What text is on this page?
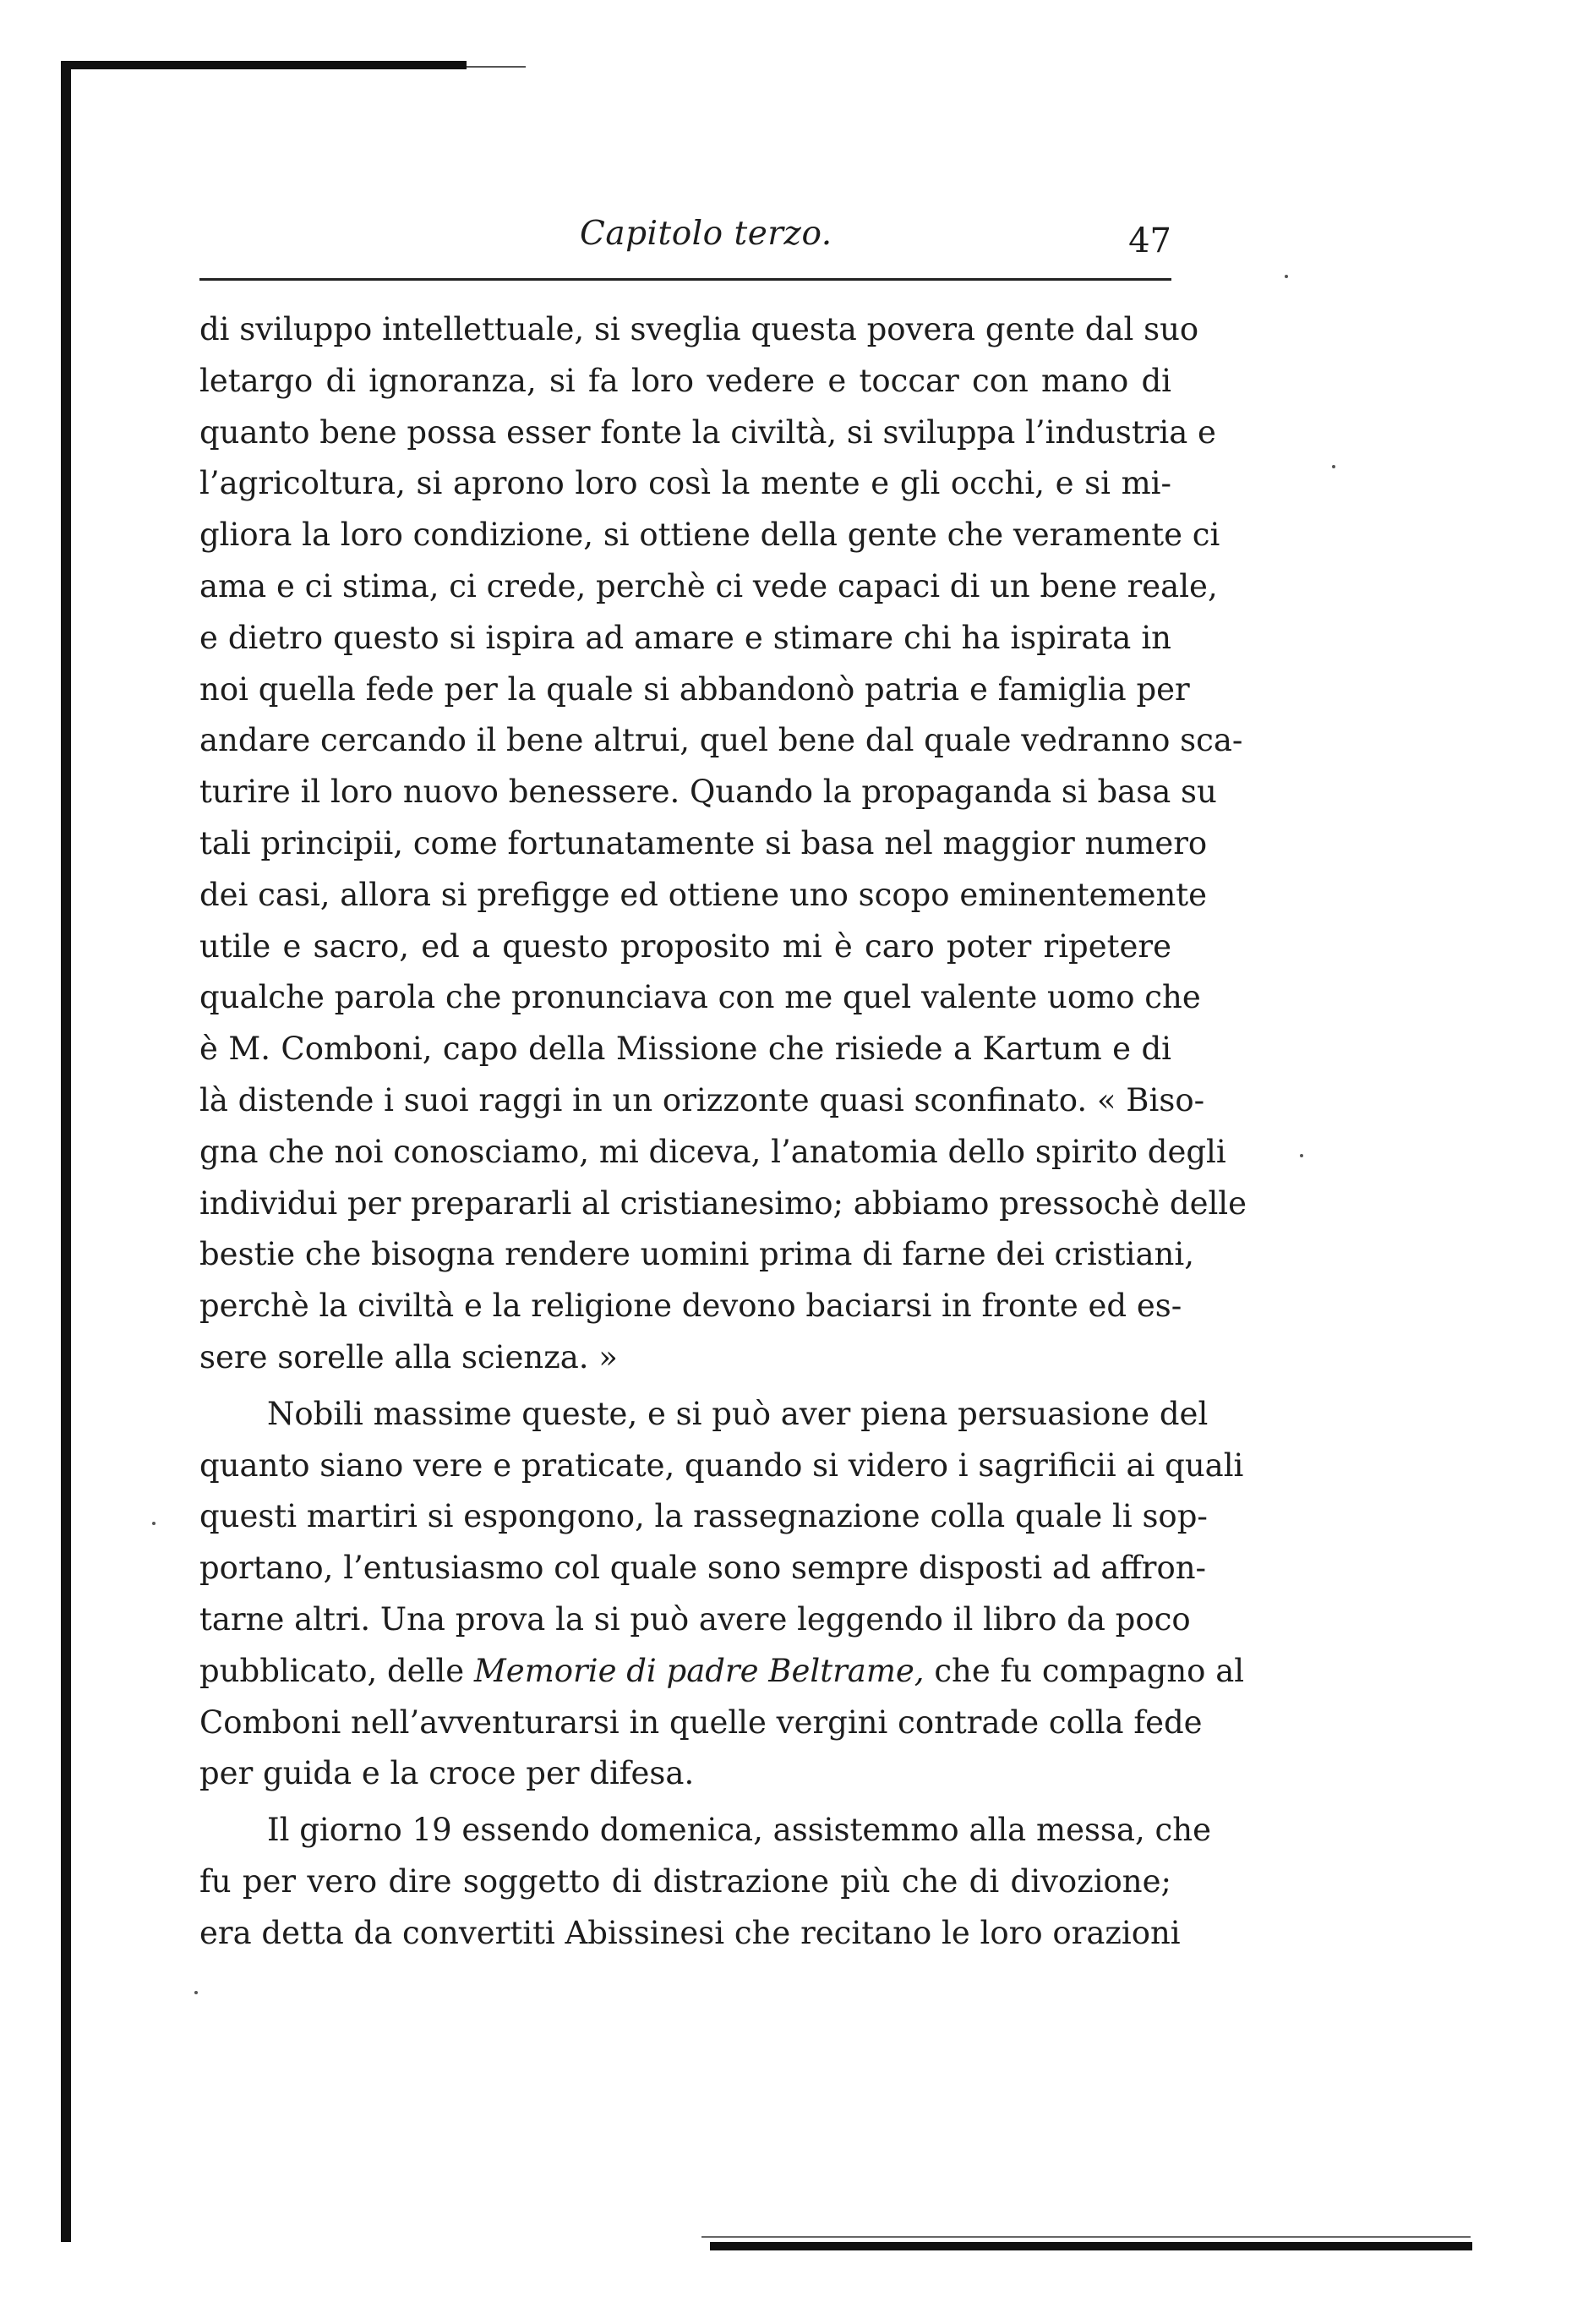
Capitolo terzo.	47

di sviluppo intellettuale, si sveglia questa povera gente dal suo
letargo di ignoranza, si fa loro vedere e toccar con mano di
quanto bene possa esser fonte la civiltà, si sviluppa l’industria e
l’agricoltura, si aprono loro così la mente e gli occhi, e si mi-
gliora la loro condizione, si ottiene della gente che veramente ci
ama e ci stima, ci crede, perchè ci vede capaci di un bene reale,
e dietro questo si ispira ad amare e stimare chi ha ispirata in
noi quella fede per la quale si abbandonò patria e famiglia per
andare cercando il bene altrui, quel bene dal quale vedranno sca-
turire il loro nuovo benessere. Quando la propaganda si basa su
tali principii, come fortunatamente si basa nel maggior numero
dei casi, allora si prefigge ed ottiene uno scopo eminentemente
utile e sacro, ed a questo proposito mi è caro poter ripetere
qualche parola che pronunciava con me quel valente uomo che
è M. Comboni, capo della Missione che risiede a Kartum e di
là distende i suoi raggi in un orizzonte quasi sconfinato. « Biso-
gna che noi conosciamo, mi diceva, l’anatomia dello spirito degli
individui per prepararli al cristianesimo; abbiamo pressochè delle
bestie che bisogna rendere uomini prima di farne dei cristiani,
perchè la civiltà e la religione devono baciarsi in fronte ed es-
sere sorelle alla scienza. »

Nobili massime queste, e si può aver piena persuasione del
quanto siano vere e praticate, quando si videro i sagrificii ai quali
questi martiri si espongono, la rassegnazione colla quale li sop-
portano, l’entusiasmo col quale sono sempre disposti ad affron-
tarne altri. Una prova la si può avere leggendo il libro da poco
pubblicato, delle Memorie di padre Beltrame, che fu compagno al
Comboni nell’avventurarsi in quelle vergini contrade colla fede
per guida e la croce per difesa.

Il giorno 19 essendo domenica, assistemmo alla messa, che
fu per vero dire soggetto di distrazione più che di divozione;
era detta da convertiti Abissinesi che recitano le loro orazioni
